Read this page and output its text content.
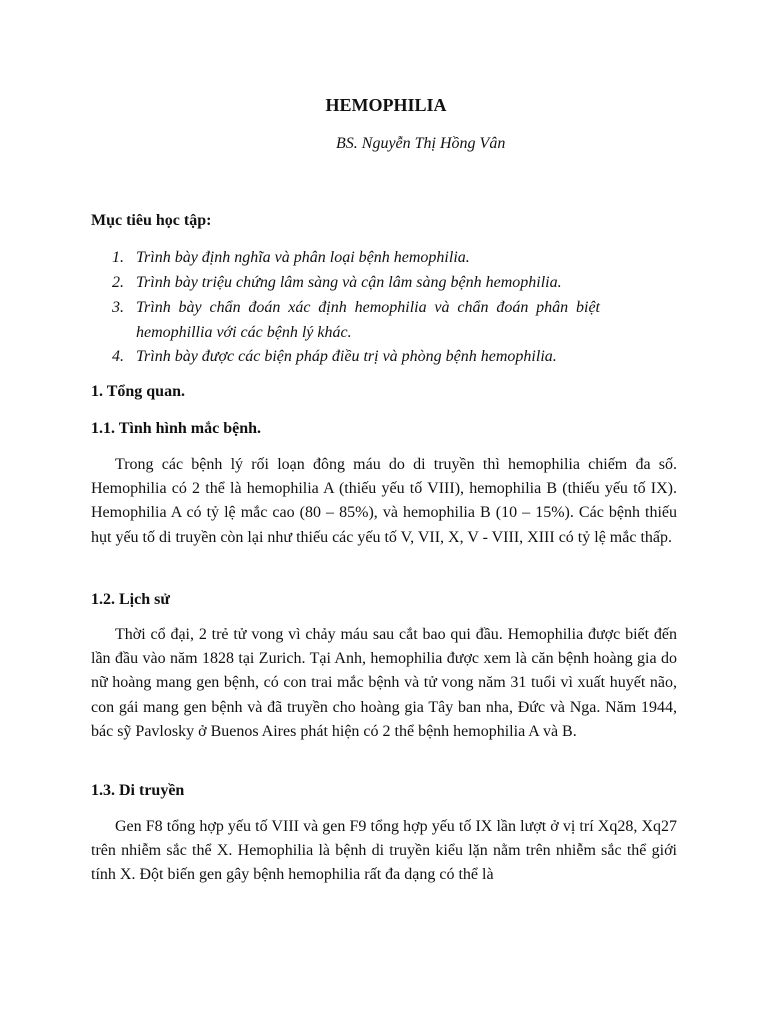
HEMOPHILIA
BS. Nguyễn Thị Hồng Vân
Mục tiêu học tập:
1. Trình bày định nghĩa và phân loại bệnh hemophilia.
2. Trình bày triệu chứng lâm sàng và cận lâm sàng bệnh hemophilia.
3. Trình bày chẩn đoán xác định hemophilia và chẩn đoán phân biệt hemophillia với các bệnh lý khác.
4. Trình bày được các biện pháp điều trị và phòng bệnh hemophilia.
1. Tổng quan.
1.1. Tình hình mắc bệnh.

Trong các bệnh lý rối loạn đông máu do di truyền thì hemophilia chiếm đa số. Hemophilia có 2 thể là hemophilia A (thiếu yếu tố VIII), hemophilia B (thiếu yếu tố IX). Hemophilia A có tỷ lệ mắc cao (80 – 85%), và hemophilia B (10 – 15%). Các bệnh thiếu hụt yếu tố di truyền còn lại như thiếu các yếu tố V, VII, X, V - VIII, XIII có tỷ lệ mắc thấp.

1.2. Lịch sử

Thời cổ đại, 2 trẻ tử vong vì chảy máu sau cắt bao qui đầu. Hemophilia được biết đến lần đầu vào năm 1828 tại Zurich. Tại Anh, hemophilia được xem là căn bệnh hoàng gia do nữ hoàng mang gen bệnh, có con trai mắc bệnh và tử vong năm 31 tuổi vì xuất huyết não, con gái mang gen bệnh và đã truyền cho hoàng gia Tây ban nha, Đức và Nga. Năm 1944, bác sỹ Pavlosky ở Buenos Aires phát hiện có 2 thể bệnh hemophilia A và B.

1.3. Di truyền

Gen F8 tổng hợp yếu tố VIII và gen F9 tổng hợp yếu tố IX lần lượt ở vị trí Xq28, Xq27 trên nhiễm sắc thể X. Hemophilia là bệnh di truyền kiểu lặn nằm trên nhiễm sắc thể giới tính X. Đột biến gen gây bệnh hemophilia rất đa dạng có thể là
